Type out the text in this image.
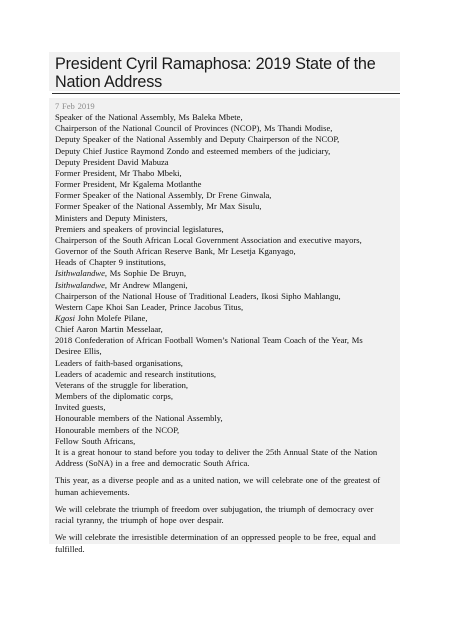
President Cyril Ramaphosa: 2019 State of the Nation Address
7 Feb 2019
Speaker of the National Assembly, Ms Baleka Mbete,
Chairperson of the National Council of Provinces (NCOP), Ms Thandi Modise,
Deputy Speaker of the National Assembly and Deputy Chairperson of the NCOP,
Deputy Chief Justice Raymond Zondo and esteemed members of the judiciary,
Deputy President David Mabuza
Former President, Mr Thabo Mbeki,
Former President, Mr Kgalema Motlanthe
Former Speaker of the National Assembly, Dr Frene Ginwala,
Former Speaker of the National Assembly, Mr Max Sisulu,
Ministers and Deputy Ministers,
Premiers and speakers of provincial legislatures,
Chairperson of the South African Local Government Association and executive mayors,
Governor of the South African Reserve Bank, Mr Lesetja Kganyago,
Heads of Chapter 9 institutions,
Isithwalandwe, Ms Sophie De Bruyn,
Isithwalandwe, Mr Andrew Mlangeni,
Chairperson of the National House of Traditional Leaders, Ikosi Sipho Mahlangu,
Western Cape Khoi San Leader, Prince Jacobus Titus,
Kgosi John Molefe Pilane,
Chief Aaron Martin Messelaar,
2018 Confederation of African Football Women’s National Team Coach of the Year, Ms
Desiree Ellis,
Leaders of faith-based organisations,
Leaders of academic and research institutions,
Veterans of the struggle for liberation,
Members of the diplomatic corps,
Invited guests,
Honourable members of the National Assembly,
Honourable members of the NCOP,
Fellow South Africans,
It is a great honour to stand before you today to deliver the 25th Annual State of the Nation
Address (SoNA) in a free and democratic South Africa.
This year, as a diverse people and as a united nation, we will celebrate one of the greatest of
human achievements.
We will celebrate the triumph of freedom over subjugation, the triumph of democracy over
racial tyranny, the triumph of hope over despair.
We will celebrate the irresistible determination of an oppressed people to be free, equal and
fulfilled.
